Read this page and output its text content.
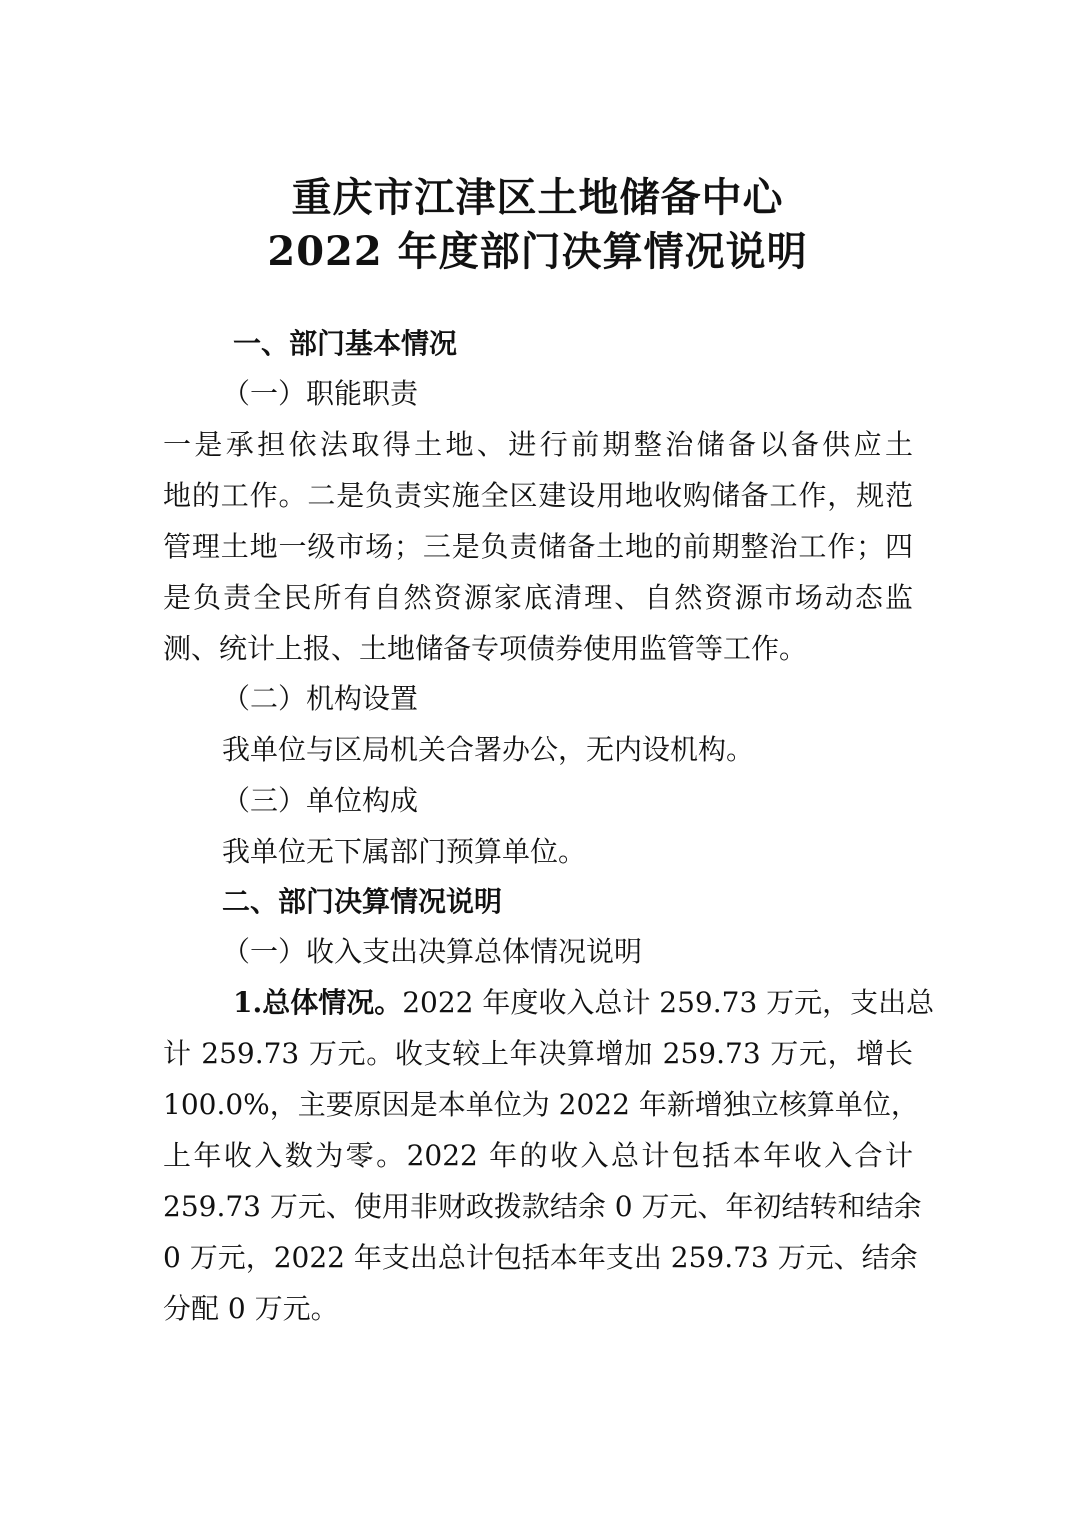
重庆市江津区土地储备中心
2022 年度部门决算情况说明
一、部门基本情况
（一）职能职责
一是承担依法取得土地、进行前期整治储备以备供应土
地的工作。二是负责实施全区建设用地收购储备工作，规范
管理土地一级市场；三是负责储备土地的前期整治工作；四
是负责全民所有自然资源家底清理、自然资源市场动态监
测、统计上报、土地储备专项债券使用监管等工作。
（二）机构设置
我单位与区局机关合署办公，无内设机构。
（三）单位构成
我单位无下属部门预算单位。
二、部门决算情况说明
（一）收入支出决算总体情况说明
1.总体情况。2022 年度收入总计 259.73 万元，支出总
计 259.73 万元。收支较上年决算增加 259.73 万元，增长
100.0%，主要原因是本单位为 2022 年新增独立核算单位，
上年收入数为零。2022 年的收入总计包括本年收入合计
259.73 万元、使用非财政拨款结余 0 万元、年初结转和结余
0 万元，2022 年支出总计包括本年支出 259.73 万元、结余
分配 0 万元。
